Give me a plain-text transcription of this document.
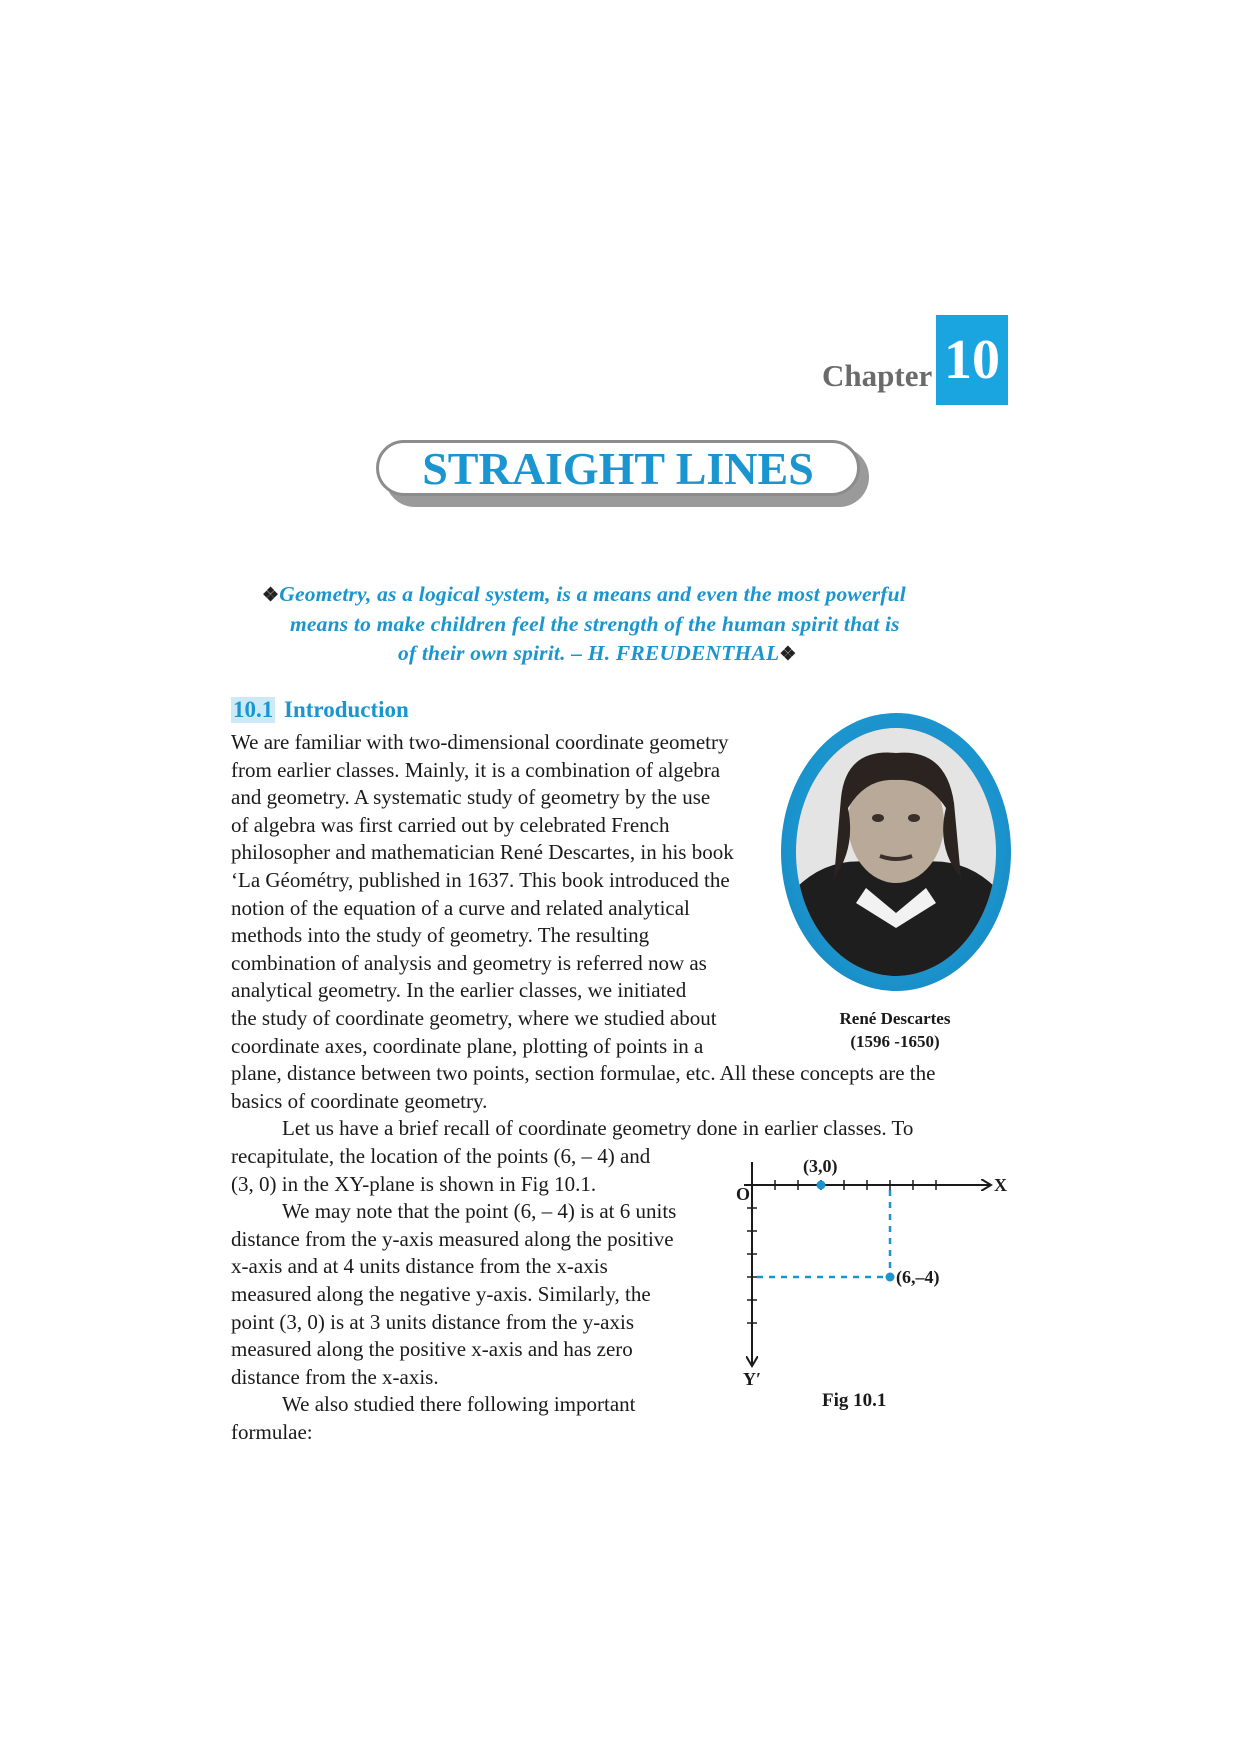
Chapter 10
STRAIGHT LINES
❖Geometry, as a logical system, is a means and even the most powerful
means to make children feel the strength of the human spirit that is
of their own spirit. – H. FREUDENTHAL❖
10.1 Introduction

We are familiar with two-dimensional coordinate geometry

from earlier classes. Mainly, it is a combination of algebra

and geometry. A systematic study of geometry by the use

of algebra was first carried out by celebrated French

philosopher and mathematician René Descartes, in his book

‘La Géométry, published in 1637. This book introduced the

notion of the equation of a curve and related analytical

methods into the study of geometry. The resulting

combination of analysis and geometry is referred now as

analytical geometry. In the earlier classes, we initiated

the study of coordinate geometry, where we studied about

coordinate axes, coordinate plane, plotting of points in a

plane, distance between two points, section formulae, etc. All these concepts are the

basics of coordinate geometry.

Let us have a brief recall of coordinate geometry done in earlier classes. To

recapitulate, the location of the points (6, – 4) and

(3, 0) in the XY-plane is shown in Fig 10.1.

We may note that the point (6, – 4) is at 6 units

distance from the y-axis measured along the positive

x-axis and at 4 units distance from the x-axis

measured along the negative y-axis. Similarly, the

point (3, 0) is at 3 units distance from the y-axis

measured along the positive x-axis and has zero

distance from the x-axis.

We also studied there following important

formulae:

René Descartes
(1596 -1650)
O	X
Y′
(3,0)
(6,–4)
Fig 10.1
